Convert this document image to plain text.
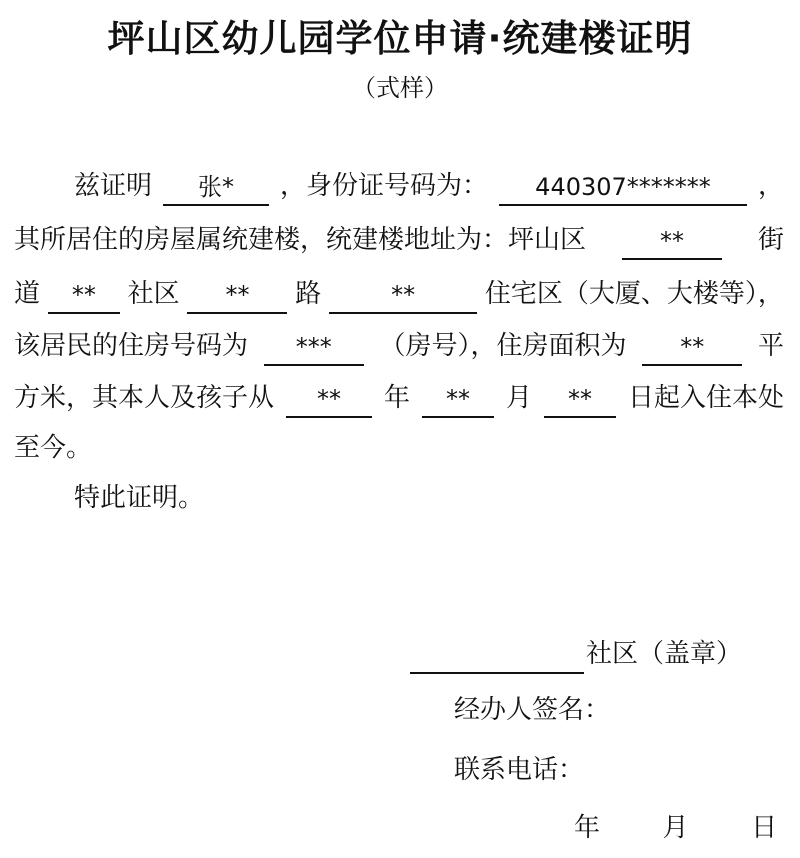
坪山区幼儿园学位申请·统建楼证明
（式样）
兹证明	张*	，身份证号码为：	440307*******	，
其所居住的房屋属统建楼，统建楼地址为：坪山区	**	街
道	**	社区	**	路	**	住宅区（大厦、大楼等），
该居民的住房号码为	***	（房号），住房面积为	**	平
方米，其本人及孩子从	**	年	**	月	**	日起入住本处
至今。
特此证明。
社区（盖章）
经办人签名：
联系电话：
年 月 日
